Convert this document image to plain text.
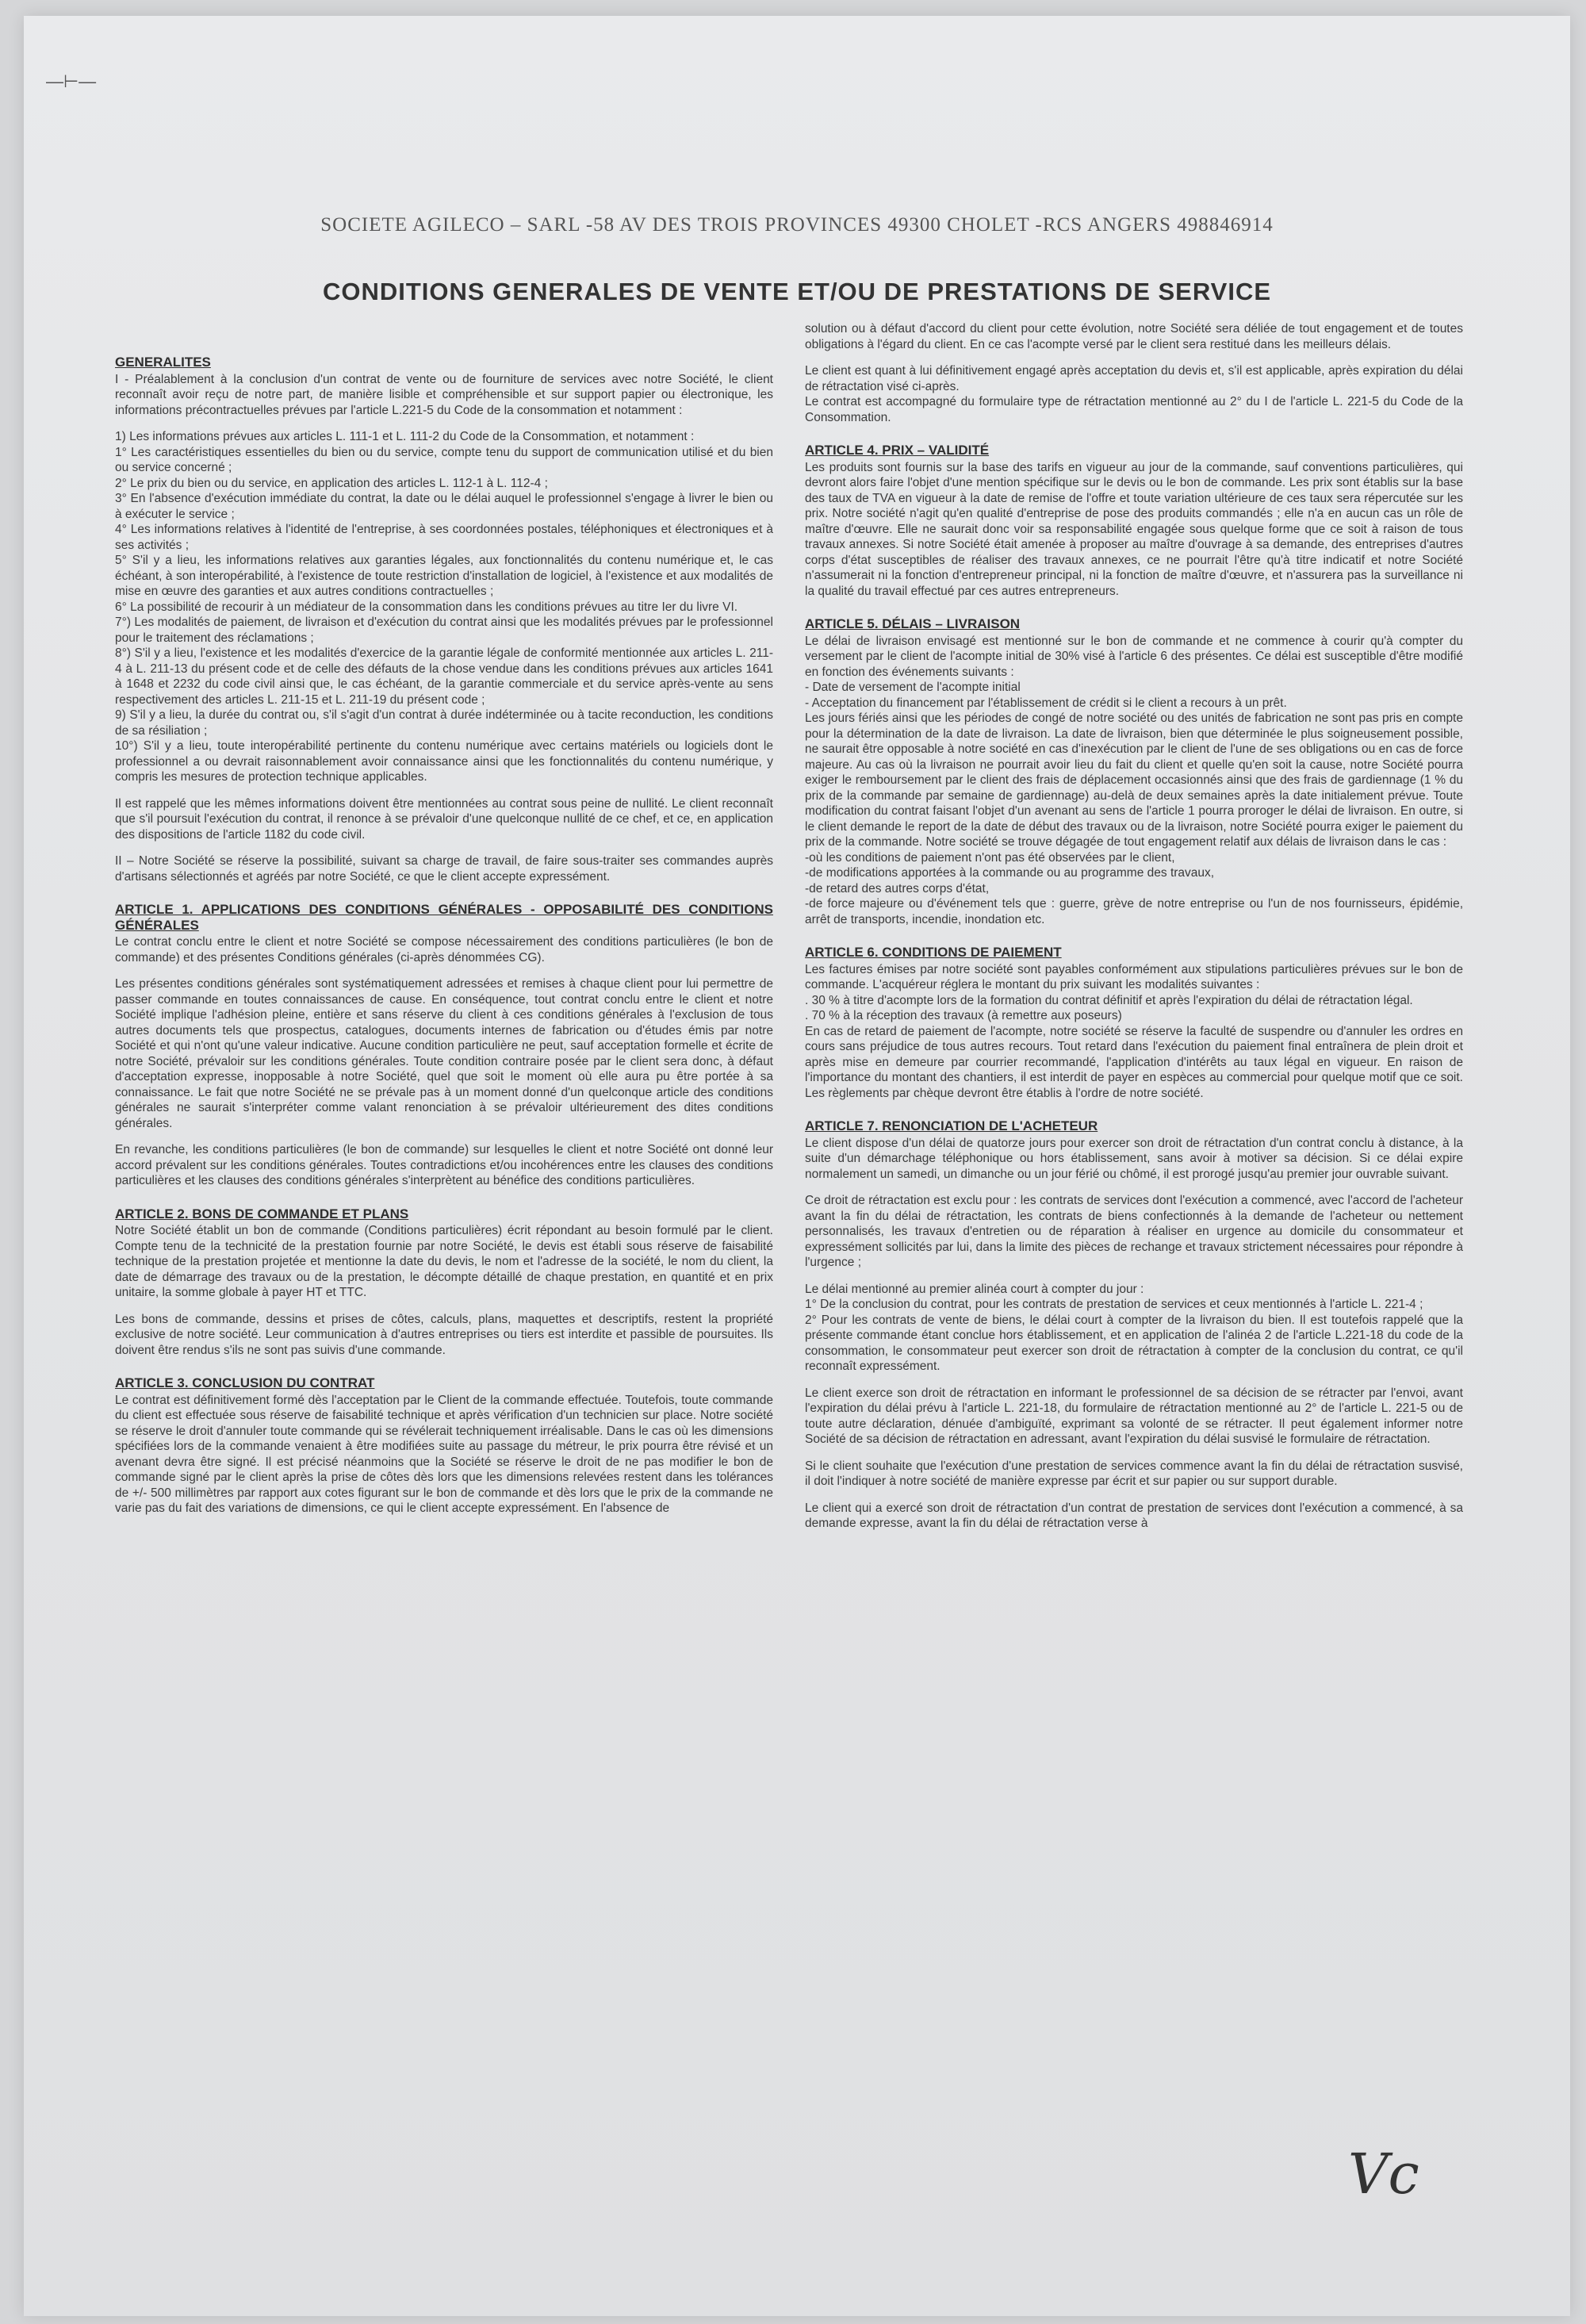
—⊢—
SOCIETE AGILECO – SARL -58 AV DES TROIS PROVINCES 49300 CHOLET -RCS ANGERS 498846914
CONDITIONS GENERALES DE VENTE ET/OU DE PRESTATIONS DE SERVICE
GENERALITES

I - Préalablement à la conclusion d'un contrat de vente ou de fourniture de services avec notre Société, le client reconnaît avoir reçu de notre part, de manière lisible et compréhensible et sur support papier ou électronique, les informations précontractuelles prévues par l'article L.221-5 du Code de la consommation et notamment :

1) Les informations prévues aux articles L. 111-1 et L. 111-2 du Code de la Consommation, et notamment :

1° Les caractéristiques essentielles du bien ou du service, compte tenu du support de communication utilisé et du bien ou service concerné ;

2° Le prix du bien ou du service, en application des articles L. 112-1 à L. 112-4 ;

3° En l'absence d'exécution immédiate du contrat, la date ou le délai auquel le professionnel s'engage à livrer le bien ou à exécuter le service ;

4° Les informations relatives à l'identité de l'entreprise, à ses coordonnées postales, téléphoniques et électroniques et à ses activités ;

5° S'il y a lieu, les informations relatives aux garanties légales, aux fonctionnalités du contenu numérique et, le cas échéant, à son interopérabilité, à l'existence de toute restriction d'installation de logiciel, à l'existence et aux modalités de mise en œuvre des garanties et aux autres conditions contractuelles ;

6° La possibilité de recourir à un médiateur de la consommation dans les conditions prévues au titre Ier du livre VI.

7°) Les modalités de paiement, de livraison et d'exécution du contrat ainsi que les modalités prévues par le professionnel pour le traitement des réclamations ;

8°) S'il y a lieu, l'existence et les modalités d'exercice de la garantie légale de conformité mentionnée aux articles L. 211-4 à L. 211-13 du présent code et de celle des défauts de la chose vendue dans les conditions prévues aux articles 1641 à 1648 et 2232 du code civil ainsi que, le cas échéant, de la garantie commerciale et du service après-vente au sens respectivement des articles L. 211-15 et L. 211-19 du présent code ;

9) S'il y a lieu, la durée du contrat ou, s'il s'agit d'un contrat à durée indéterminée ou à tacite reconduction, les conditions de sa résiliation ;

10°) S'il y a lieu, toute interopérabilité pertinente du contenu numérique avec certains matériels ou logiciels dont le professionnel a ou devrait raisonnablement avoir connaissance ainsi que les fonctionnalités du contenu numérique, y compris les mesures de protection technique applicables.

Il est rappelé que les mêmes informations doivent être mentionnées au contrat sous peine de nullité. Le client reconnaît que s'il poursuit l'exécution du contrat, il renonce à se prévaloir d'une quelconque nullité de ce chef, et ce, en application des dispositions de l'article 1182 du code civil.

II – Notre Société se réserve la possibilité, suivant sa charge de travail, de faire sous-traiter ses commandes auprès d'artisans sélectionnés et agréés par notre Société, ce que le client accepte expressément.

ARTICLE 1. APPLICATIONS DES CONDITIONS GÉNÉRALES - OPPOSABILITÉ DES CONDITIONS GÉNÉRALES

Le contrat conclu entre le client et notre Société se compose nécessairement des conditions particulières (le bon de commande) et des présentes Conditions générales (ci-après dénommées CG).

Les présentes conditions générales sont systématiquement adressées et remises à chaque client pour lui permettre de passer commande en toutes connaissances de cause. En conséquence, tout contrat conclu entre le client et notre Société implique l'adhésion pleine, entière et sans réserve du client à ces conditions générales à l'exclusion de tous autres documents tels que prospectus, catalogues, documents internes de fabrication ou d'études émis par notre Société et qui n'ont qu'une valeur indicative. Aucune condition particulière ne peut, sauf acceptation formelle et écrite de notre Société, prévaloir sur les conditions générales. Toute condition contraire posée par le client sera donc, à défaut d'acceptation expresse, inopposable à notre Société, quel que soit le moment où elle aura pu être portée à sa connaissance. Le fait que notre Société ne se prévale pas à un moment donné d'un quelconque article des conditions générales ne saurait s'interpréter comme valant renonciation à se prévaloir ultérieurement des dites conditions générales.

En revanche, les conditions particulières (le bon de commande) sur lesquelles le client et notre Société ont donné leur accord prévalent sur les conditions générales. Toutes contradictions et/ou incohérences entre les clauses des conditions particulières et les clauses des conditions générales s'interprètent au bénéfice des conditions particulières.

ARTICLE 2. BONS DE COMMANDE ET PLANS

Notre Société établit un bon de commande (Conditions particulières) écrit répondant au besoin formulé par le client. Compte tenu de la technicité de la prestation fournie par notre Société, le devis est établi sous réserve de faisabilité technique de la prestation projetée et mentionne la date du devis, le nom et l'adresse de la société, le nom du client, la date de démarrage des travaux ou de la prestation, le décompte détaillé de chaque prestation, en quantité et en prix unitaire, la somme globale à payer HT et TTC.

Les bons de commande, dessins et prises de côtes, calculs, plans, maquettes et descriptifs, restent la propriété exclusive de notre société. Leur communication à d'autres entreprises ou tiers est interdite et passible de poursuites. Ils doivent être rendus s'ils ne sont pas suivis d'une commande.

ARTICLE 3. CONCLUSION DU CONTRAT

Le contrat est définitivement formé dès l'acceptation par le Client de la commande effectuée. Toutefois, toute commande du client est effectuée sous réserve de faisabilité technique et après vérification d'un technicien sur place. Notre société se réserve le droit d'annuler toute commande qui se révélerait techniquement irréalisable. Dans le cas où les dimensions spécifiées lors de la commande venaient à être modifiées suite au passage du métreur, le prix pourra être révisé et un avenant devra être signé. Il est précisé néanmoins que la Société se réserve le droit de ne pas modifier le bon de commande signé par le client après la prise de côtes dès lors que les dimensions relevées restent dans les tolérances de +/- 500 millimètres par rapport aux cotes figurant sur le bon de commande et dès lors que le prix de la commande ne varie pas du fait des variations de dimensions, ce qui le client accepte expressément. En l'absence de

solution ou à défaut d'accord du client pour cette évolution, notre Société sera déliée de tout engagement et de toutes obligations à l'égard du client. En ce cas l'acompte versé par le client sera restitué dans les meilleurs délais.

Le client est quant à lui définitivement engagé après acceptation du devis et, s'il est applicable, après expiration du délai de rétractation visé ci-après.

Le contrat est accompagné du formulaire type de rétractation mentionné au 2° du I de l'article L. 221-5 du Code de la Consommation.

ARTICLE 4. PRIX – VALIDITÉ

Les produits sont fournis sur la base des tarifs en vigueur au jour de la commande, sauf conventions particulières, qui devront alors faire l'objet d'une mention spécifique sur le devis ou le bon de commande. Les prix sont établis sur la base des taux de TVA en vigueur à la date de remise de l'offre et toute variation ultérieure de ces taux sera répercutée sur les prix. Notre société n'agit qu'en qualité d'entreprise de pose des produits commandés ; elle n'a en aucun cas un rôle de maître d'œuvre. Elle ne saurait donc voir sa responsabilité engagée sous quelque forme que ce soit à raison de tous travaux annexes. Si notre Société était amenée à proposer au maître d'ouvrage à sa demande, des entreprises d'autres corps d'état susceptibles de réaliser des travaux annexes, ce ne pourrait l'être qu'à titre indicatif et notre Société n'assumerait ni la fonction d'entrepreneur principal, ni la fonction de maître d'œuvre, et n'assurera pas la surveillance ni la qualité du travail effectué par ces autres entrepreneurs.

ARTICLE 5. DÉLAIS – LIVRAISON

Le délai de livraison envisagé est mentionné sur le bon de commande et ne commence à courir qu'à compter du versement par le client de l'acompte initial de 30% visé à l'article 6 des présentes. Ce délai est susceptible d'être modifié en fonction des événements suivants :

- Date de versement de l'acompte initial

- Acceptation du financement par l'établissement de crédit si le client a recours à un prêt.

Les jours fériés ainsi que les périodes de congé de notre société ou des unités de fabrication ne sont pas pris en compte pour la détermination de la date de livraison. La date de livraison, bien que déterminée le plus soigneusement possible, ne saurait être opposable à notre société en cas d'inexécution par le client de l'une de ses obligations ou en cas de force majeure. Au cas où la livraison ne pourrait avoir lieu du fait du client et quelle qu'en soit la cause, notre Société pourra exiger le remboursement par le client des frais de déplacement occasionnés ainsi que des frais de gardiennage (1 % du prix de la commande par semaine de gardiennage) au-delà de deux semaines après la date initialement prévue. Toute modification du contrat faisant l'objet d'un avenant au sens de l'article 1 pourra proroger le délai de livraison. En outre, si le client demande le report de la date de début des travaux ou de la livraison, notre Société pourra exiger le paiement du prix de la commande. Notre société se trouve dégagée de tout engagement relatif aux délais de livraison dans le cas :

-où les conditions de paiement n'ont pas été observées par le client,

-de modifications apportées à la commande ou au programme des travaux,

-de retard des autres corps d'état,

-de force majeure ou d'événement tels que : guerre, grève de notre entreprise ou l'un de nos fournisseurs, épidémie, arrêt de transports, incendie, inondation etc.

ARTICLE 6. CONDITIONS DE PAIEMENT

Les factures émises par notre société sont payables conformément aux stipulations particulières prévues sur le bon de commande. L'acquéreur réglera le montant du prix suivant les modalités suivantes :

. 30 % à titre d'acompte lors de la formation du contrat définitif et après l'expiration du délai de rétractation légal.

. 70 % à la réception des travaux (à remettre aux poseurs)

En cas de retard de paiement de l'acompte, notre société se réserve la faculté de suspendre ou d'annuler les ordres en cours sans préjudice de tous autres recours. Tout retard dans l'exécution du paiement final entraînera de plein droit et après mise en demeure par courrier recommandé, l'application d'intérêts au taux légal en vigueur. En raison de l'importance du montant des chantiers, il est interdit de payer en espèces au commercial pour quelque motif que ce soit. Les règlements par chèque devront être établis à l'ordre de notre société.

ARTICLE 7. RENONCIATION DE L'ACHETEUR

Le client dispose d'un délai de quatorze jours pour exercer son droit de rétractation d'un contrat conclu à distance, à la suite d'un démarchage téléphonique ou hors établissement, sans avoir à motiver sa décision. Si ce délai expire normalement un samedi, un dimanche ou un jour férié ou chômé, il est prorogé jusqu'au premier jour ouvrable suivant.

Ce droit de rétractation est exclu pour : les contrats de services dont l'exécution a commencé, avec l'accord de l'acheteur avant la fin du délai de rétractation, les contrats de biens confectionnés à la demande de l'acheteur ou nettement personnalisés, les travaux d'entretien ou de réparation à réaliser en urgence au domicile du consommateur et expressément sollicités par lui, dans la limite des pièces de rechange et travaux strictement nécessaires pour répondre à l'urgence ;

Le délai mentionné au premier alinéa court à compter du jour :

1° De la conclusion du contrat, pour les contrats de prestation de services et ceux mentionnés à l'article L. 221-4 ;

2° Pour les contrats de vente de biens, le délai court à compter de la livraison du bien. Il est toutefois rappelé que la présente commande étant conclue hors établissement, et en application de l'alinéa 2 de l'article L.221-18 du code de la consommation, le consommateur peut exercer son droit de rétractation à compter de la conclusion du contrat, ce qu'il reconnaît expressément.

Le client exerce son droit de rétractation en informant le professionnel de sa décision de se rétracter par l'envoi, avant l'expiration du délai prévu à l'article L. 221-18, du formulaire de rétractation mentionné au 2° de l'article L. 221-5 ou de toute autre déclaration, dénuée d'ambiguïté, exprimant sa volonté de se rétracter. Il peut également informer notre Société de sa décision de rétractation en adressant, avant l'expiration du délai susvisé le formulaire de rétractation.

Si le client souhaite que l'exécution d'une prestation de services commence avant la fin du délai de rétractation susvisé, il doit l'indiquer à notre société de manière expresse par écrit et sur papier ou sur support durable.

Le client qui a exercé son droit de rétractation d'un contrat de prestation de services dont l'exécution a commencé, à sa demande expresse, avant la fin du délai de rétractation verse à

Vc
